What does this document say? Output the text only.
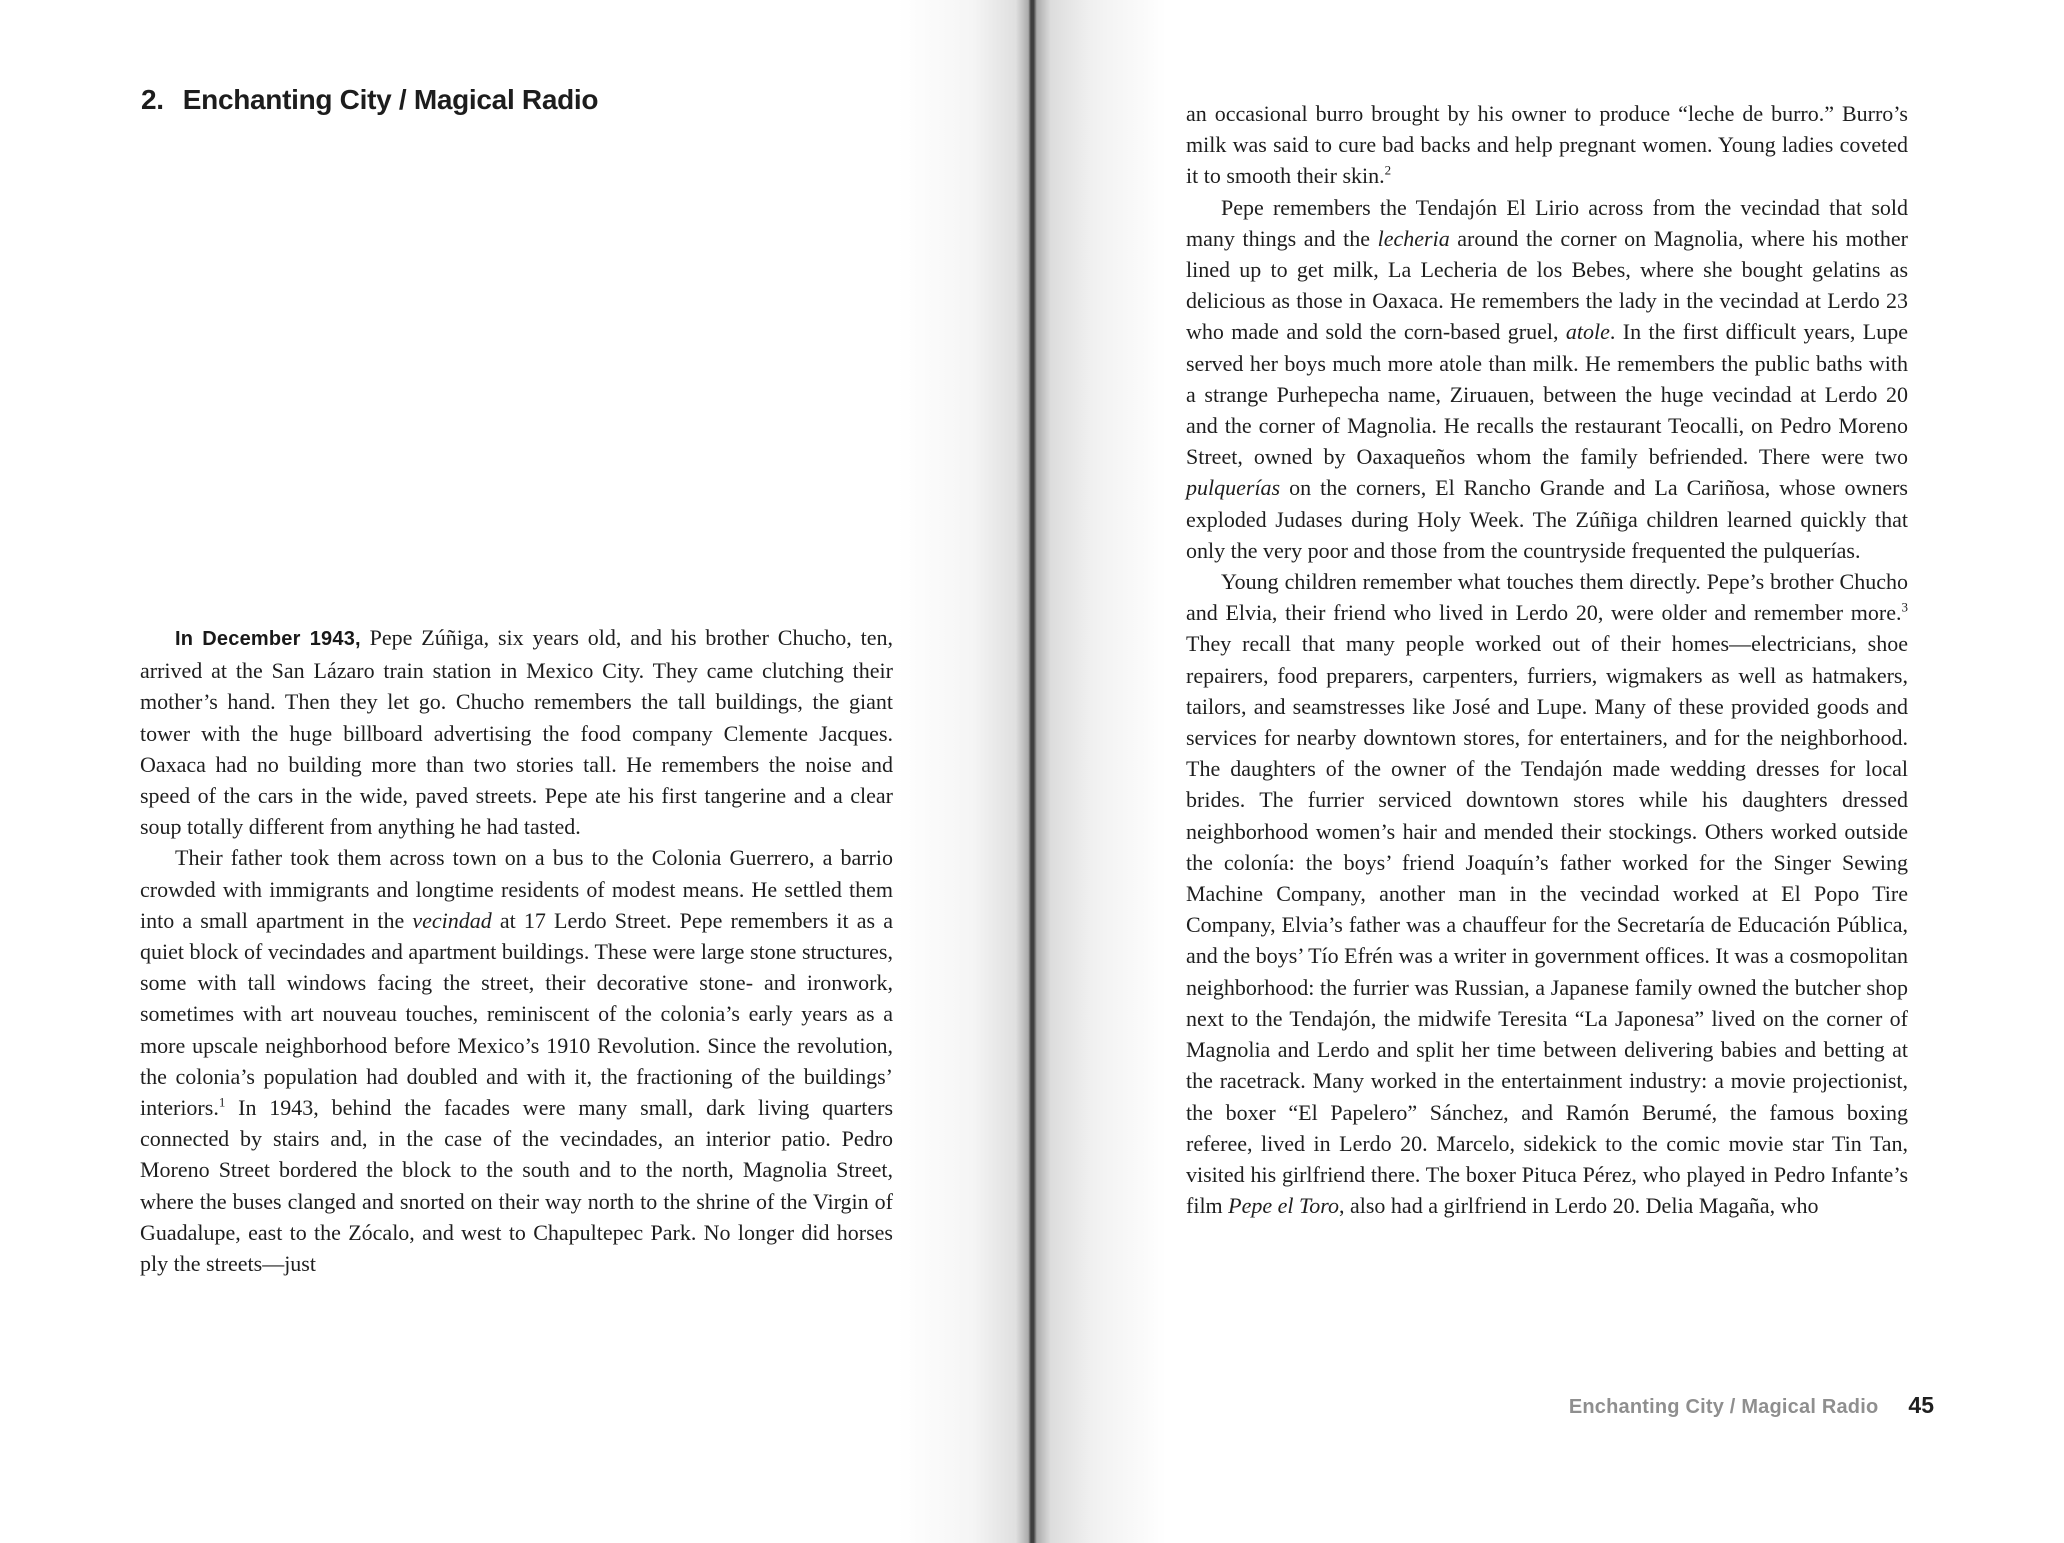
2. Enchanting City / Magical Radio

In December 1943, Pepe Zúñiga, six years old, and his brother Chucho, ten, arrived at the San Lázaro train station in Mexico City. They came clutching their mother’s hand. Then they let go. Chucho remembers the tall buildings, the giant tower with the huge billboard advertising the food company Clemente Jacques. Oaxaca had no building more than two stories tall. He remembers the noise and speed of the cars in the wide, paved streets. Pepe ate his first tangerine and a clear soup totally different from anything he had tasted.

Their father took them across town on a bus to the Colonia Guerrero, a barrio crowded with immigrants and longtime residents of modest means. He settled them into a small apartment in the vecindad at 17 Lerdo Street. Pepe remembers it as a quiet block of vecindades and apartment buildings. These were large stone structures, some with tall windows facing the street, their decorative stone- and ironwork, sometimes with art nouveau touches, reminiscent of the colonia’s early years as a more upscale neighborhood before Mexico’s 1910 Revolution. Since the revolution, the colonia’s population had doubled and with it, the fractioning of the buildings’ interiors.$^1$ In 1943, behind the facades were many small, dark living quarters connected by stairs and, in the case of the vecindades, an interior patio. Pedro Moreno Street bordered the block to the south and to the north, Magnolia Street, where the buses clanged and snorted on their way north to the shrine of the Virgin of Guadalupe, east to the Zócalo, and west to Chapultepec Park. No longer did horses ply the streets—just

an occasional burro brought by his owner to produce “leche de burro.” Burro’s milk was said to cure bad backs and help pregnant women. Young ladies coveted it to smooth their skin.$^2$

Pepe remembers the Tendajón El Lirio across from the vecindad that sold many things and the lecheria around the corner on Magnolia, where his mother lined up to get milk, La Lecheria de los Bebes, where she bought gelatins as delicious as those in Oaxaca. He remembers the lady in the vecindad at Lerdo 23 who made and sold the corn-based gruel, atole. In the first difficult years, Lupe served her boys much more atole than milk. He remembers the public baths with a strange Purhepecha name, Ziruauen, between the huge vecindad at Lerdo 20 and the corner of Magnolia. He recalls the restaurant Teocalli, on Pedro Moreno Street, owned by Oaxaqueños whom the family befriended. There were two pulquerías on the corners, El Rancho Grande and La Cariñosa, whose owners exploded Judases during Holy Week. The Zúñiga children learned quickly that only the very poor and those from the countryside frequented the pulquerías.

Young children remember what touches them directly. Pepe’s brother Chucho and Elvia, their friend who lived in Lerdo 20, were older and remember more.$^3$ They recall that many people worked out of their homes—electricians, shoe repairers, food preparers, carpenters, furriers, wigmakers as well as hatmakers, tailors, and seamstresses like José and Lupe. Many of these provided goods and services for nearby downtown stores, for entertainers, and for the neighborhood. The daughters of the owner of the Tendajón made wedding dresses for local brides. The furrier serviced downtown stores while his daughters dressed neighborhood women’s hair and mended their stockings. Others worked outside the colonía: the boys’ friend Joaquín’s father worked for the Singer Sewing Machine Company, another man in the vecindad worked at El Popo Tire Company, Elvia’s father was a chauffeur for the Secretaría de Educación Pública, and the boys’ Tío Efrén was a writer in government offices. It was a cosmopolitan neighborhood: the furrier was Russian, a Japanese family owned the butcher shop next to the Tendajón, the midwife Teresita “La Japonesa” lived on the corner of Magnolia and Lerdo and split her time between delivering babies and betting at the racetrack. Many worked in the entertainment industry: a movie projectionist, the boxer “El Papelero” Sánchez, and Ramón Berumé, the famous boxing referee, lived in Lerdo 20. Marcelo, sidekick to the comic movie star Tin Tan, visited his girlfriend there. The boxer Pituca Pérez, who played in Pedro Infante’s film Pepe el Toro, also had a girlfriend in Lerdo 20. Delia Magaña, who

Enchanting City / Magical Radio 45
